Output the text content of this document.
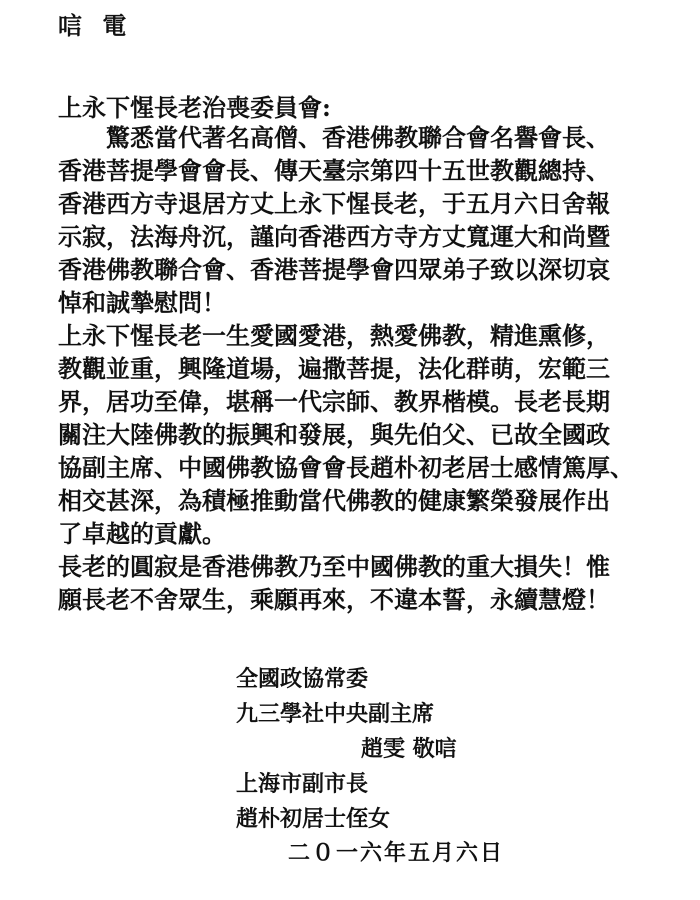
唁 電
上永下惺長老治喪委員會:
　　驚悉當代著名高僧、香港佛教聯合會名譽會長、
香港菩提學會會長、傳天臺宗第四十五世教觀總持、
香港西方寺退居方丈上永下惺長老，于五月六日舍報
示寂，法海舟沉，謹向香港西方寺方丈寬運大和尚暨
香港佛教聯合會、香港菩提學會四眾弟子致以深切哀
悼和誠摯慰問！
上永下惺長老一生愛國愛港，熱愛佛教，精進熏修，
教觀並重，興隆道場，遍撒菩提，法化群萌，宏範三
界，居功至偉，堪稱一代宗師、教界楷模。長老長期
關注大陸佛教的振興和發展，與先伯父、已故全國政
協副主席、中國佛教協會會長趙朴初老居士感情篤厚、
相交甚深，為積極推動當代佛教的健康繁榮發展作出
了卓越的貢獻。
長老的圓寂是香港佛教乃至中國佛教的重大損失！惟
願長老不舍眾生，乘願再來，不違本誓，永續慧燈！
全國政協常委
九三學社中央副主席
趙雯 敬唁
上海市副市長
趙朴初居士侄女
二０一六年五月六日
